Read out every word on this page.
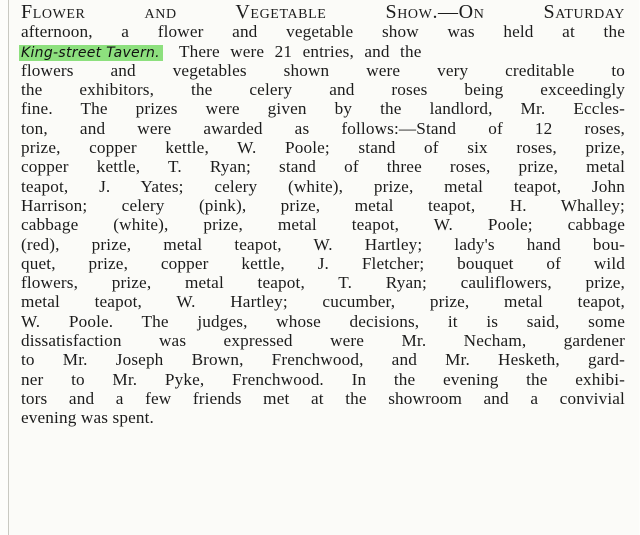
Flower and Vegetable Show.—On Saturday
afternoon, a flower and vegetable show was held at the
King-street Tavern. There were 21 entries, and the
flowers and vegetables shown were very creditable to
the exhibitors, the celery and roses being exceedingly
fine. The prizes were given by the landlord, Mr. Eccles-
ton, and were awarded as follows:—Stand of 12 roses,
prize, copper kettle, W. Poole; stand of six roses, prize,
copper kettle, T. Ryan; stand of three roses, prize, metal
teapot, J. Yates; celery (white), prize, metal teapot, John
Harrison; celery (pink), prize, metal teapot, H. Whalley;
cabbage (white), prize, metal teapot, W. Poole; cabbage
(red), prize, metal teapot, W. Hartley; lady's hand bou-
quet, prize, copper kettle, J. Fletcher; bouquet of wild
flowers, prize, metal teapot, T. Ryan; cauliflowers, prize,
metal teapot, W. Hartley; cucumber, prize, metal teapot,
W. Poole. The judges, whose decisions, it is said, some
dissatisfaction was expressed were Mr. Necham, gardener
to Mr. Joseph Brown, Frenchwood, and Mr. Hesketh, gard-
ner to Mr. Pyke, Frenchwood. In the evening the exhibi-
tors and a few friends met at the showroom and a convivial
evening was spent.
